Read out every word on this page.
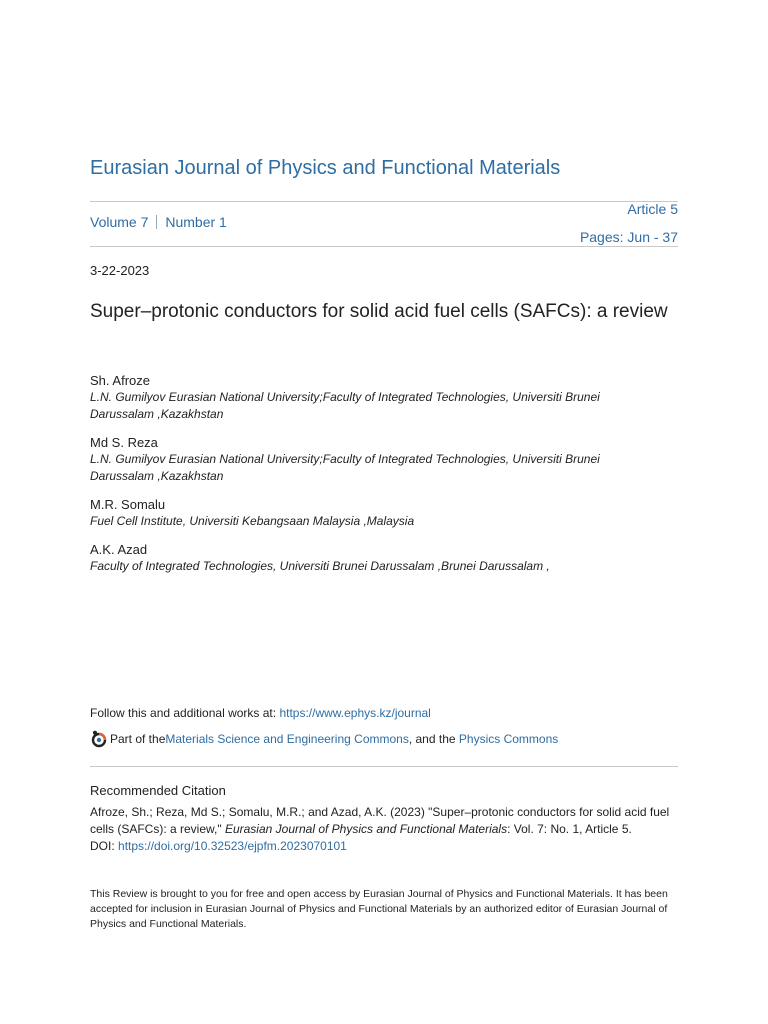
Eurasian Journal of Physics and Functional Materials
Volume 7 Number 1
Article 5
Pages: Jun - 37
3-22-2023
Super–protonic conductors for solid acid fuel cells (SAFCs): a review
Sh. Afroze
L.N. Gumilyov Eurasian National University;Faculty of Integrated Technologies, Universiti Brunei Darussalam ,Kazakhstan
Md S. Reza
L.N. Gumilyov Eurasian National University;Faculty of Integrated Technologies, Universiti Brunei Darussalam ,Kazakhstan
M.R. Somalu
Fuel Cell Institute, Universiti Kebangsaan Malaysia ,Malaysia
A.K. Azad
Faculty of Integrated Technologies, Universiti Brunei Darussalam ,Brunei Darussalam ,
Follow this and additional works at: https://www.ephys.kz/journal
Part of the Materials Science and Engineering Commons , and the Physics Commons
Recommended Citation
Afroze, Sh.; Reza, Md S.; Somalu, M.R.; and Azad, A.K. (2023) "Super–protonic conductors for solid acid fuel cells (SAFCs): a review," Eurasian Journal of Physics and Functional Materials: Vol. 7: No. 1, Article 5.
DOI: https://doi.org/10.32523/ejpfm.2023070101
This Review is brought to you for free and open access by Eurasian Journal of Physics and Functional Materials. It has been accepted for inclusion in Eurasian Journal of Physics and Functional Materials by an authorized editor of Eurasian Journal of Physics and Functional Materials.
